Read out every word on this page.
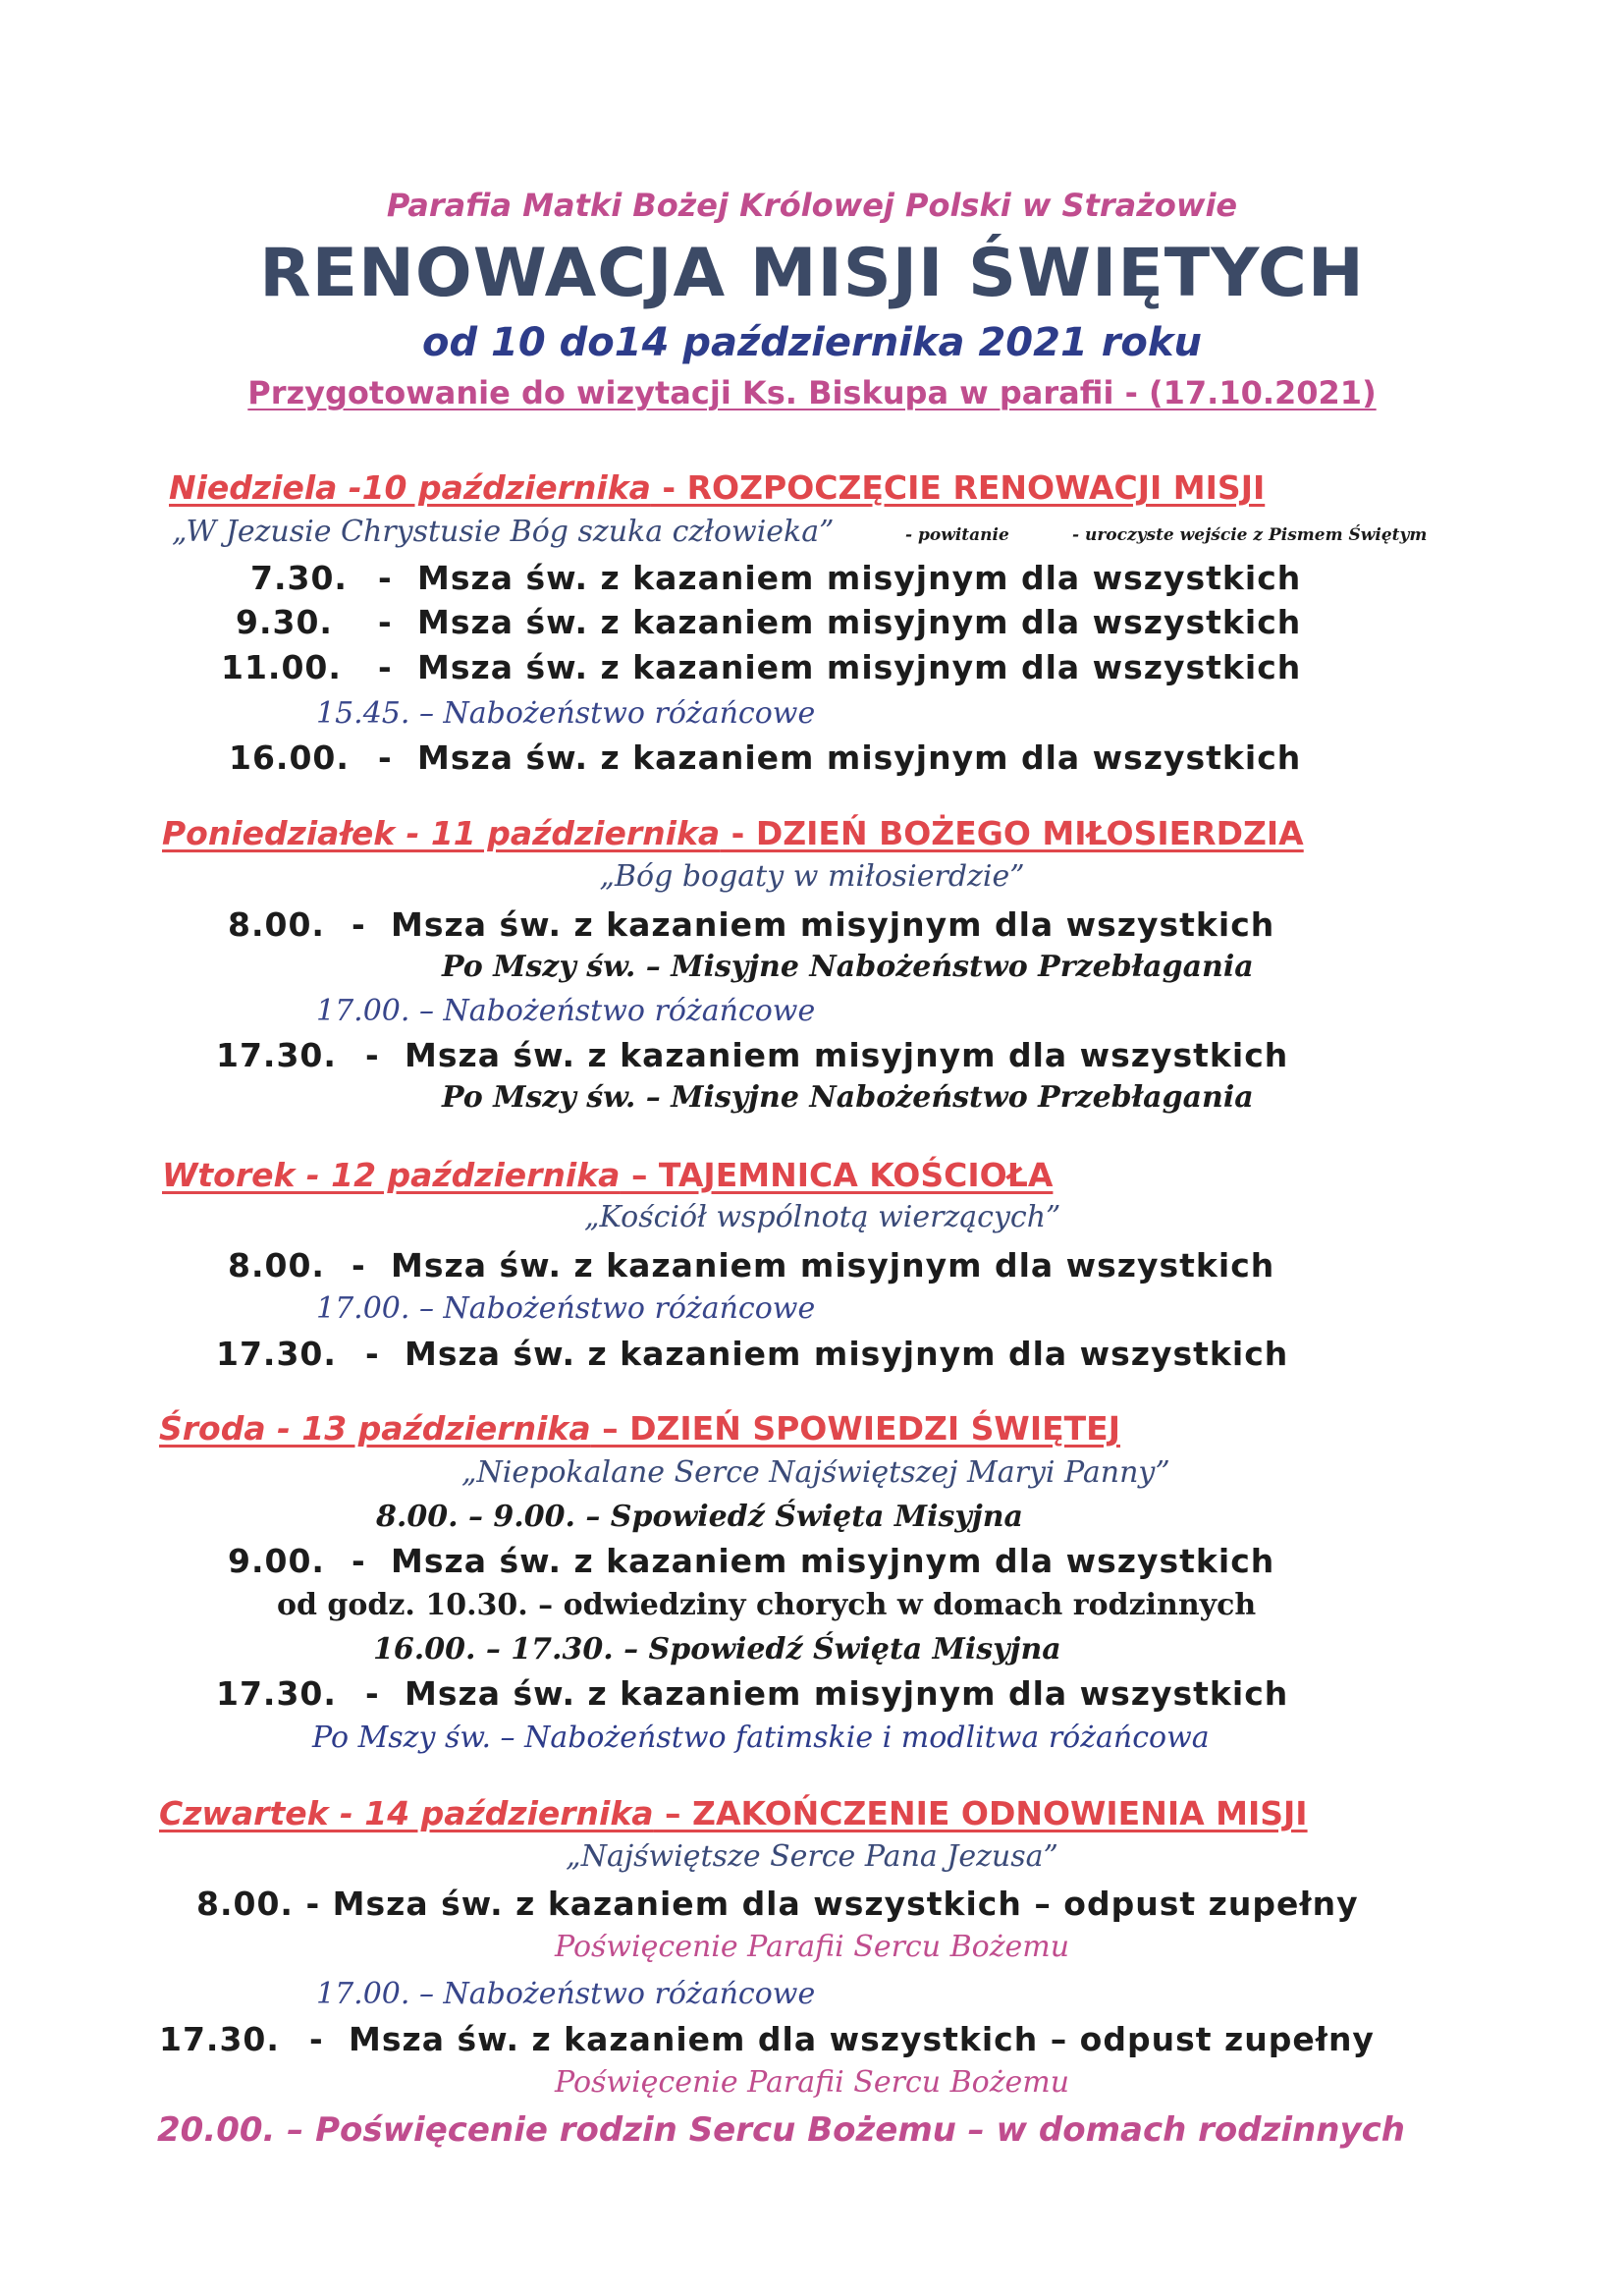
Parafia Matki Bożej Królowej Polski w Strażowie
RENOWACJA MISJI ŚWIĘTYCH
od 10 do14 października 2021 roku
Przygotowanie do wizytacji Ks. Biskupa w parafii - (17.10.2021)
Niedziela -10 października - ROZPOCZĘCIE RENOWACJI MISJI
„W Jezusie Chrystusie Bóg szuka człowieka”	- powitanie	- uroczyste wejście z Pismem Świętym
7.30. - Msza św. z kazaniem misyjnym dla wszystkich
9.30. - Msza św. z kazaniem misyjnym dla wszystkich
11.00. - Msza św. z kazaniem misyjnym dla wszystkich
15.45. – Nabożeństwo różańcowe
16.00. - Msza św. z kazaniem misyjnym dla wszystkich
Poniedziałek - 11 października - DZIEŃ BOŻEGO MIŁOSIERDZIA
„Bóg bogaty w miłosierdzie”
8.00. - Msza św. z kazaniem misyjnym dla wszystkich
Po Mszy św. – Misyjne Nabożeństwo Przebłagania
17.00. – Nabożeństwo różańcowe
17.30. - Msza św. z kazaniem misyjnym dla wszystkich
Po Mszy św. – Misyjne Nabożeństwo Przebłagania
Wtorek - 12 października – TAJEMNICA KOŚCIOŁA
„Kościół wspólnotą wierzących”
8.00. - Msza św. z kazaniem misyjnym dla wszystkich
17.00. – Nabożeństwo różańcowe
17.30. - Msza św. z kazaniem misyjnym dla wszystkich
Środa - 13 października – DZIEŃ SPOWIEDZI ŚWIĘTEJ
„Niepokalane Serce Najświętszej Maryi Panny”
8.00. – 9.00. – Spowiedź Święta Misyjna
9.00. - Msza św. z kazaniem misyjnym dla wszystkich
od godz. 10.30. – odwiedziny chorych w domach rodzinnych
16.00. – 17.30. – Spowiedź Święta Misyjna
17.30. - Msza św. z kazaniem misyjnym dla wszystkich
Po Mszy św. – Nabożeństwo fatimskie i modlitwa różańcowa
Czwartek - 14 października – ZAKOŃCZENIE ODNOWIENIA MISJI
„Najświętsze Serce Pana Jezusa”
8.00. - Msza św. z kazaniem dla wszystkich – odpust zupełny
Poświęcenie Parafii Sercu Bożemu
17.00. – Nabożeństwo różańcowe
17.30. - Msza św. z kazaniem dla wszystkich – odpust zupełny
Poświęcenie Parafii Sercu Bożemu
20.00. – Poświęcenie rodzin Sercu Bożemu – w domach rodzinnych
